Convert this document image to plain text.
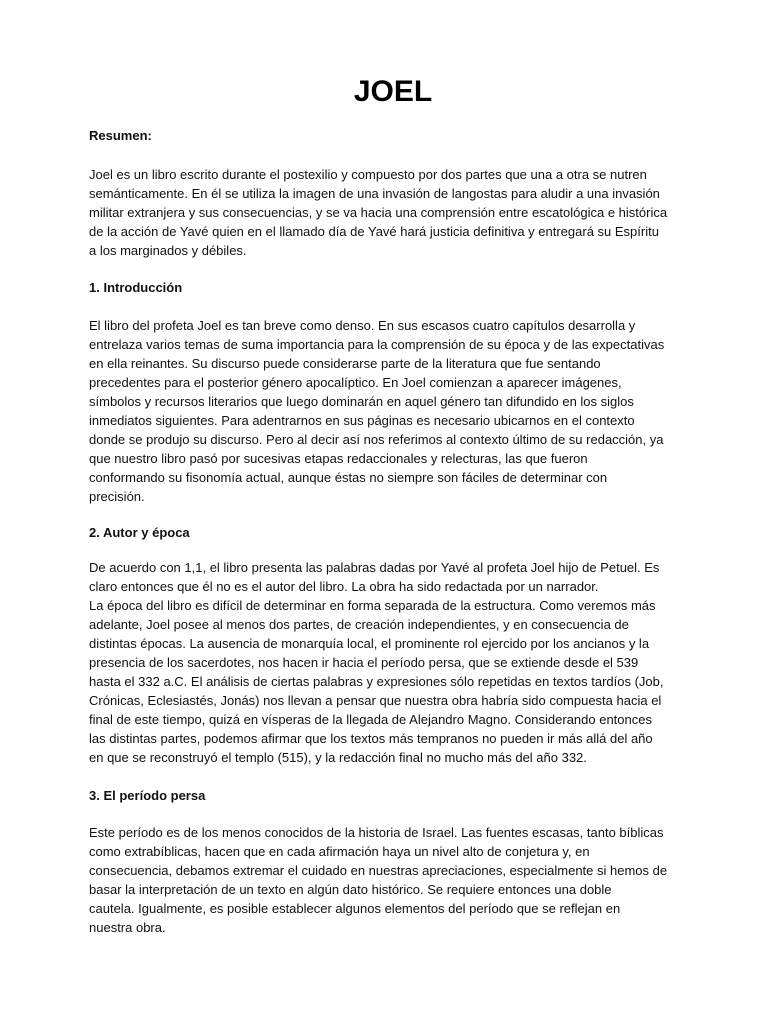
JOEL
Resumen:
Joel es un libro escrito durante el postexilio y compuesto por dos partes que una a otra se nutren
semánticamente. En él se utiliza la imagen de una invasión de langostas para aludir a una invasión
militar extranjera y sus consecuencias, y se va hacia una comprensión entre escatológica e histórica
de la acción de Yavé quien en el llamado día de Yavé hará justicia definitiva y entregará su Espíritu
a los marginados y débiles.
1. Introducción
El libro del profeta Joel es tan breve como denso. En sus escasos cuatro capítulos desarrolla y
entrelaza varios temas de suma importancia para la comprensión de su época y de las expectativas
en ella reinantes. Su discurso puede considerarse parte de la literatura que fue sentando
precedentes para el posterior género apocalíptico. En Joel comienzan a aparecer imágenes,
símbolos y recursos literarios que luego dominarán en aquel género tan difundido en los siglos
inmediatos siguientes. Para adentrarnos en sus páginas es necesario ubicarnos en el contexto
donde se produjo su discurso. Pero al decir así nos referimos al contexto último de su redacción, ya
que nuestro libro pasó por sucesivas etapas redaccionales y relecturas, las que fueron
conformando su fisonomía actual, aunque éstas no siempre son fáciles de determinar con
precisión.
2. Autor y época
De acuerdo con 1,1, el libro presenta las palabras dadas por Yavé al profeta Joel hijo de Petuel. Es
claro entonces que él no es el autor del libro. La obra ha sido redactada por un narrador.
La época del libro es difícil de determinar en forma separada de la estructura. Como veremos más
adelante, Joel posee al menos dos partes, de creación independientes, y en consecuencia de
distintas épocas. La ausencia de monarquía local, el prominente rol ejercido por los ancianos y la
presencia de los sacerdotes, nos hacen ir hacia el período persa, que se extiende desde el 539
hasta el 332 a.C. El análisis de ciertas palabras y expresiones sólo repetidas en textos tardíos (Job,
Crónicas, Eclesiastés, Jonás) nos llevan a pensar que nuestra obra habría sido compuesta hacia el
final de este tiempo, quizá en vísperas de la llegada de Alejandro Magno. Considerando entonces
las distintas partes, podemos afirmar que los textos más tempranos no pueden ir más allá del año
en que se reconstruyó el templo (515), y la redacción final no mucho más del año 332.
3. El período persa
Este período es de los menos conocidos de la historia de Israel. Las fuentes escasas, tanto bíblicas
como extrabíblicas, hacen que en cada afirmación haya un nivel alto de conjetura y, en
consecuencia, debamos extremar el cuidado en nuestras apreciaciones, especialmente si hemos de
basar la interpretación de un texto en algún dato histórico. Se requiere entonces una doble
cautela. Igualmente, es posible establecer algunos elementos del período que se reflejan en
nuestra obra.
